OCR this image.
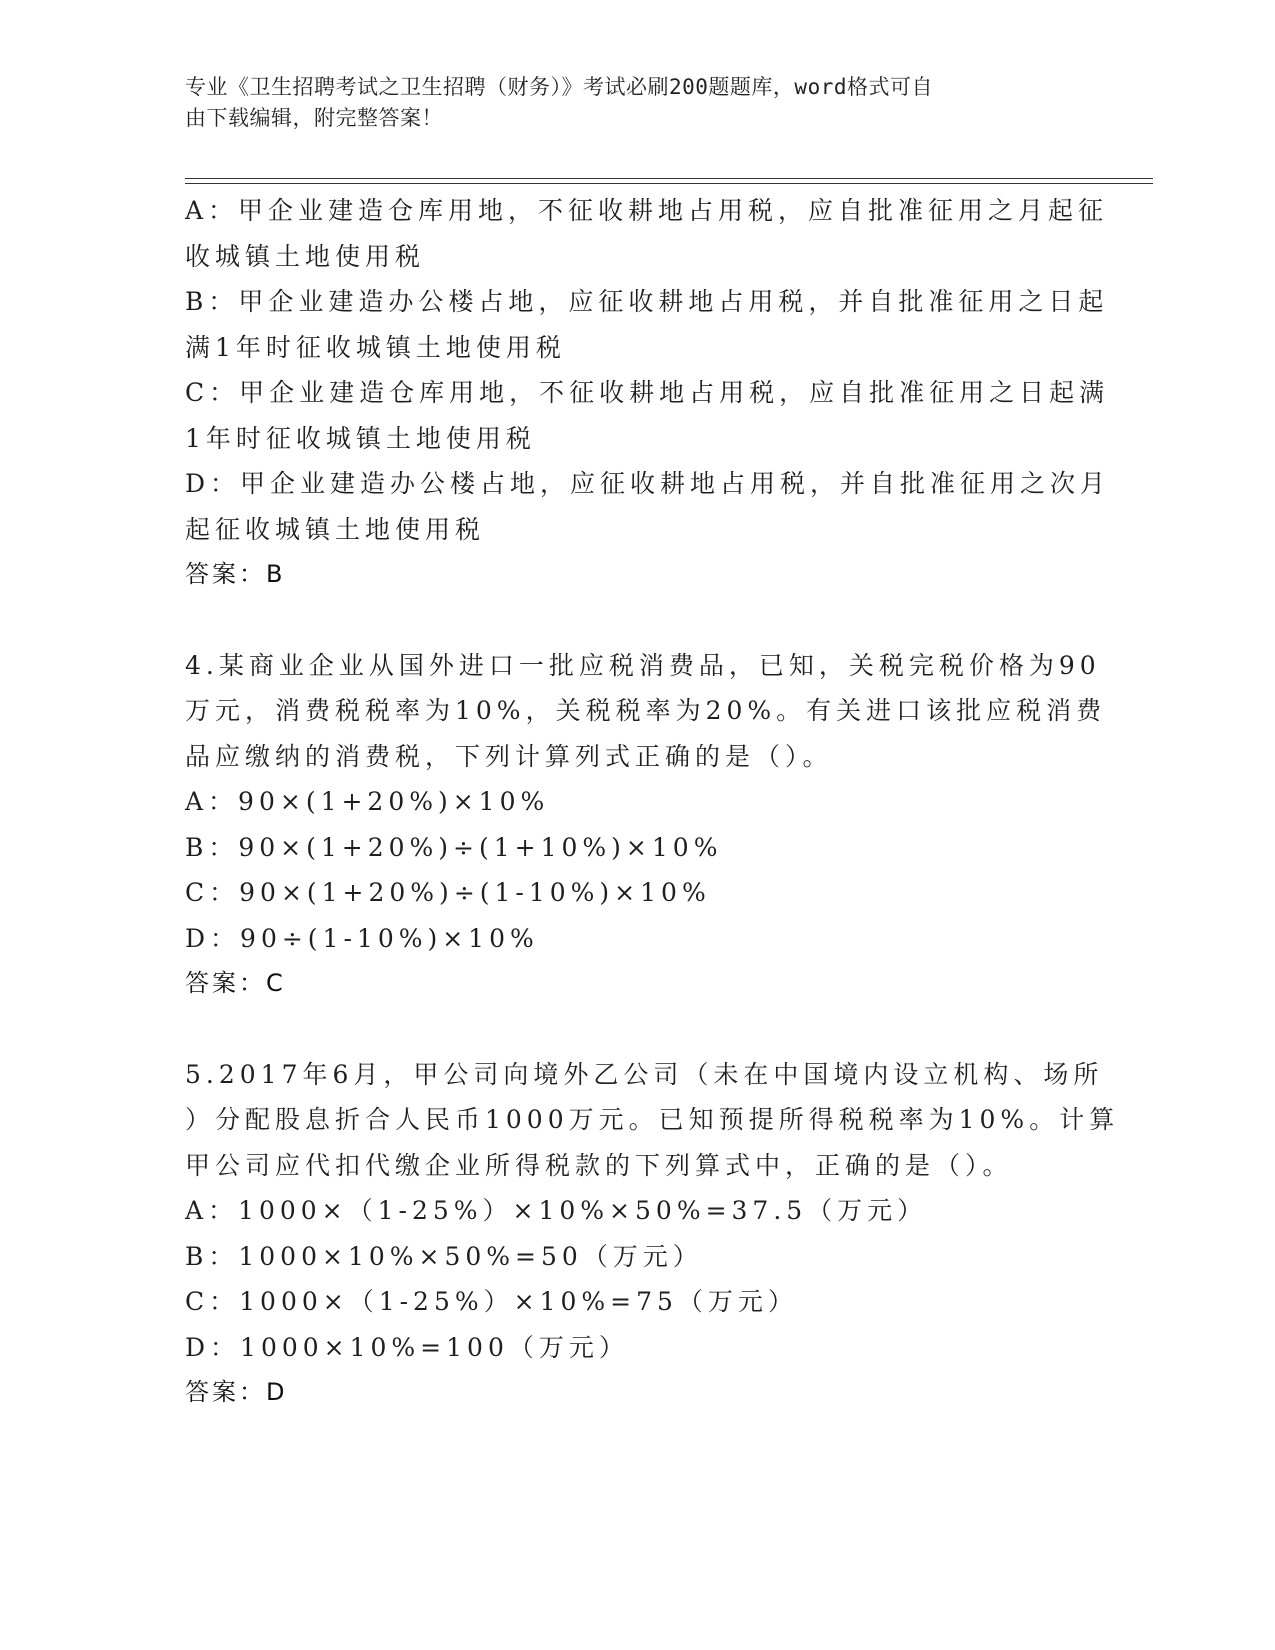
专业《卫生招聘考试之卫生招聘（财务）》考试必刷200题题库，word格式可自
由下载编辑，附完整答案！
A：甲企业建造仓库用地，不征收耕地占用税，应自批准征用之月起征
收城镇土地使用税
B：甲企业建造办公楼占地，应征收耕地占用税，并自批准征用之日起
满1年时征收城镇土地使用税
C：甲企业建造仓库用地，不征收耕地占用税，应自批准征用之日起满
1年时征收城镇土地使用税
D：甲企业建造办公楼占地，应征收耕地占用税，并自批准征用之次月
起征收城镇土地使用税
答案：B
4.某商业企业从国外进口一批应税消费品，已知，关税完税价格为90
万元，消费税税率为10%，关税税率为20%。有关进口该批应税消费
品应缴纳的消费税，下列计算列式正确的是（）。
A：90×(1+20%)×10%
B：90×(1+20%)÷(1+10%)×10%
C：90×(1+20%)÷(1-10%)×10%
D：90÷(1-10%)×10%
答案：C
5.2017年6月，甲公司向境外乙公司（未在中国境内设立机构、场所
）分配股息折合人民币1000万元。已知预提所得税税率为10%。计算
甲公司应代扣代缴企业所得税款的下列算式中，正确的是（）。
A：1000×（1-25%）×10%×50%=37.5（万元）
B：1000×10%×50%=50（万元）
C：1000×（1-25%）×10%=75（万元）
D：1000×10%=100（万元）
答案：D
